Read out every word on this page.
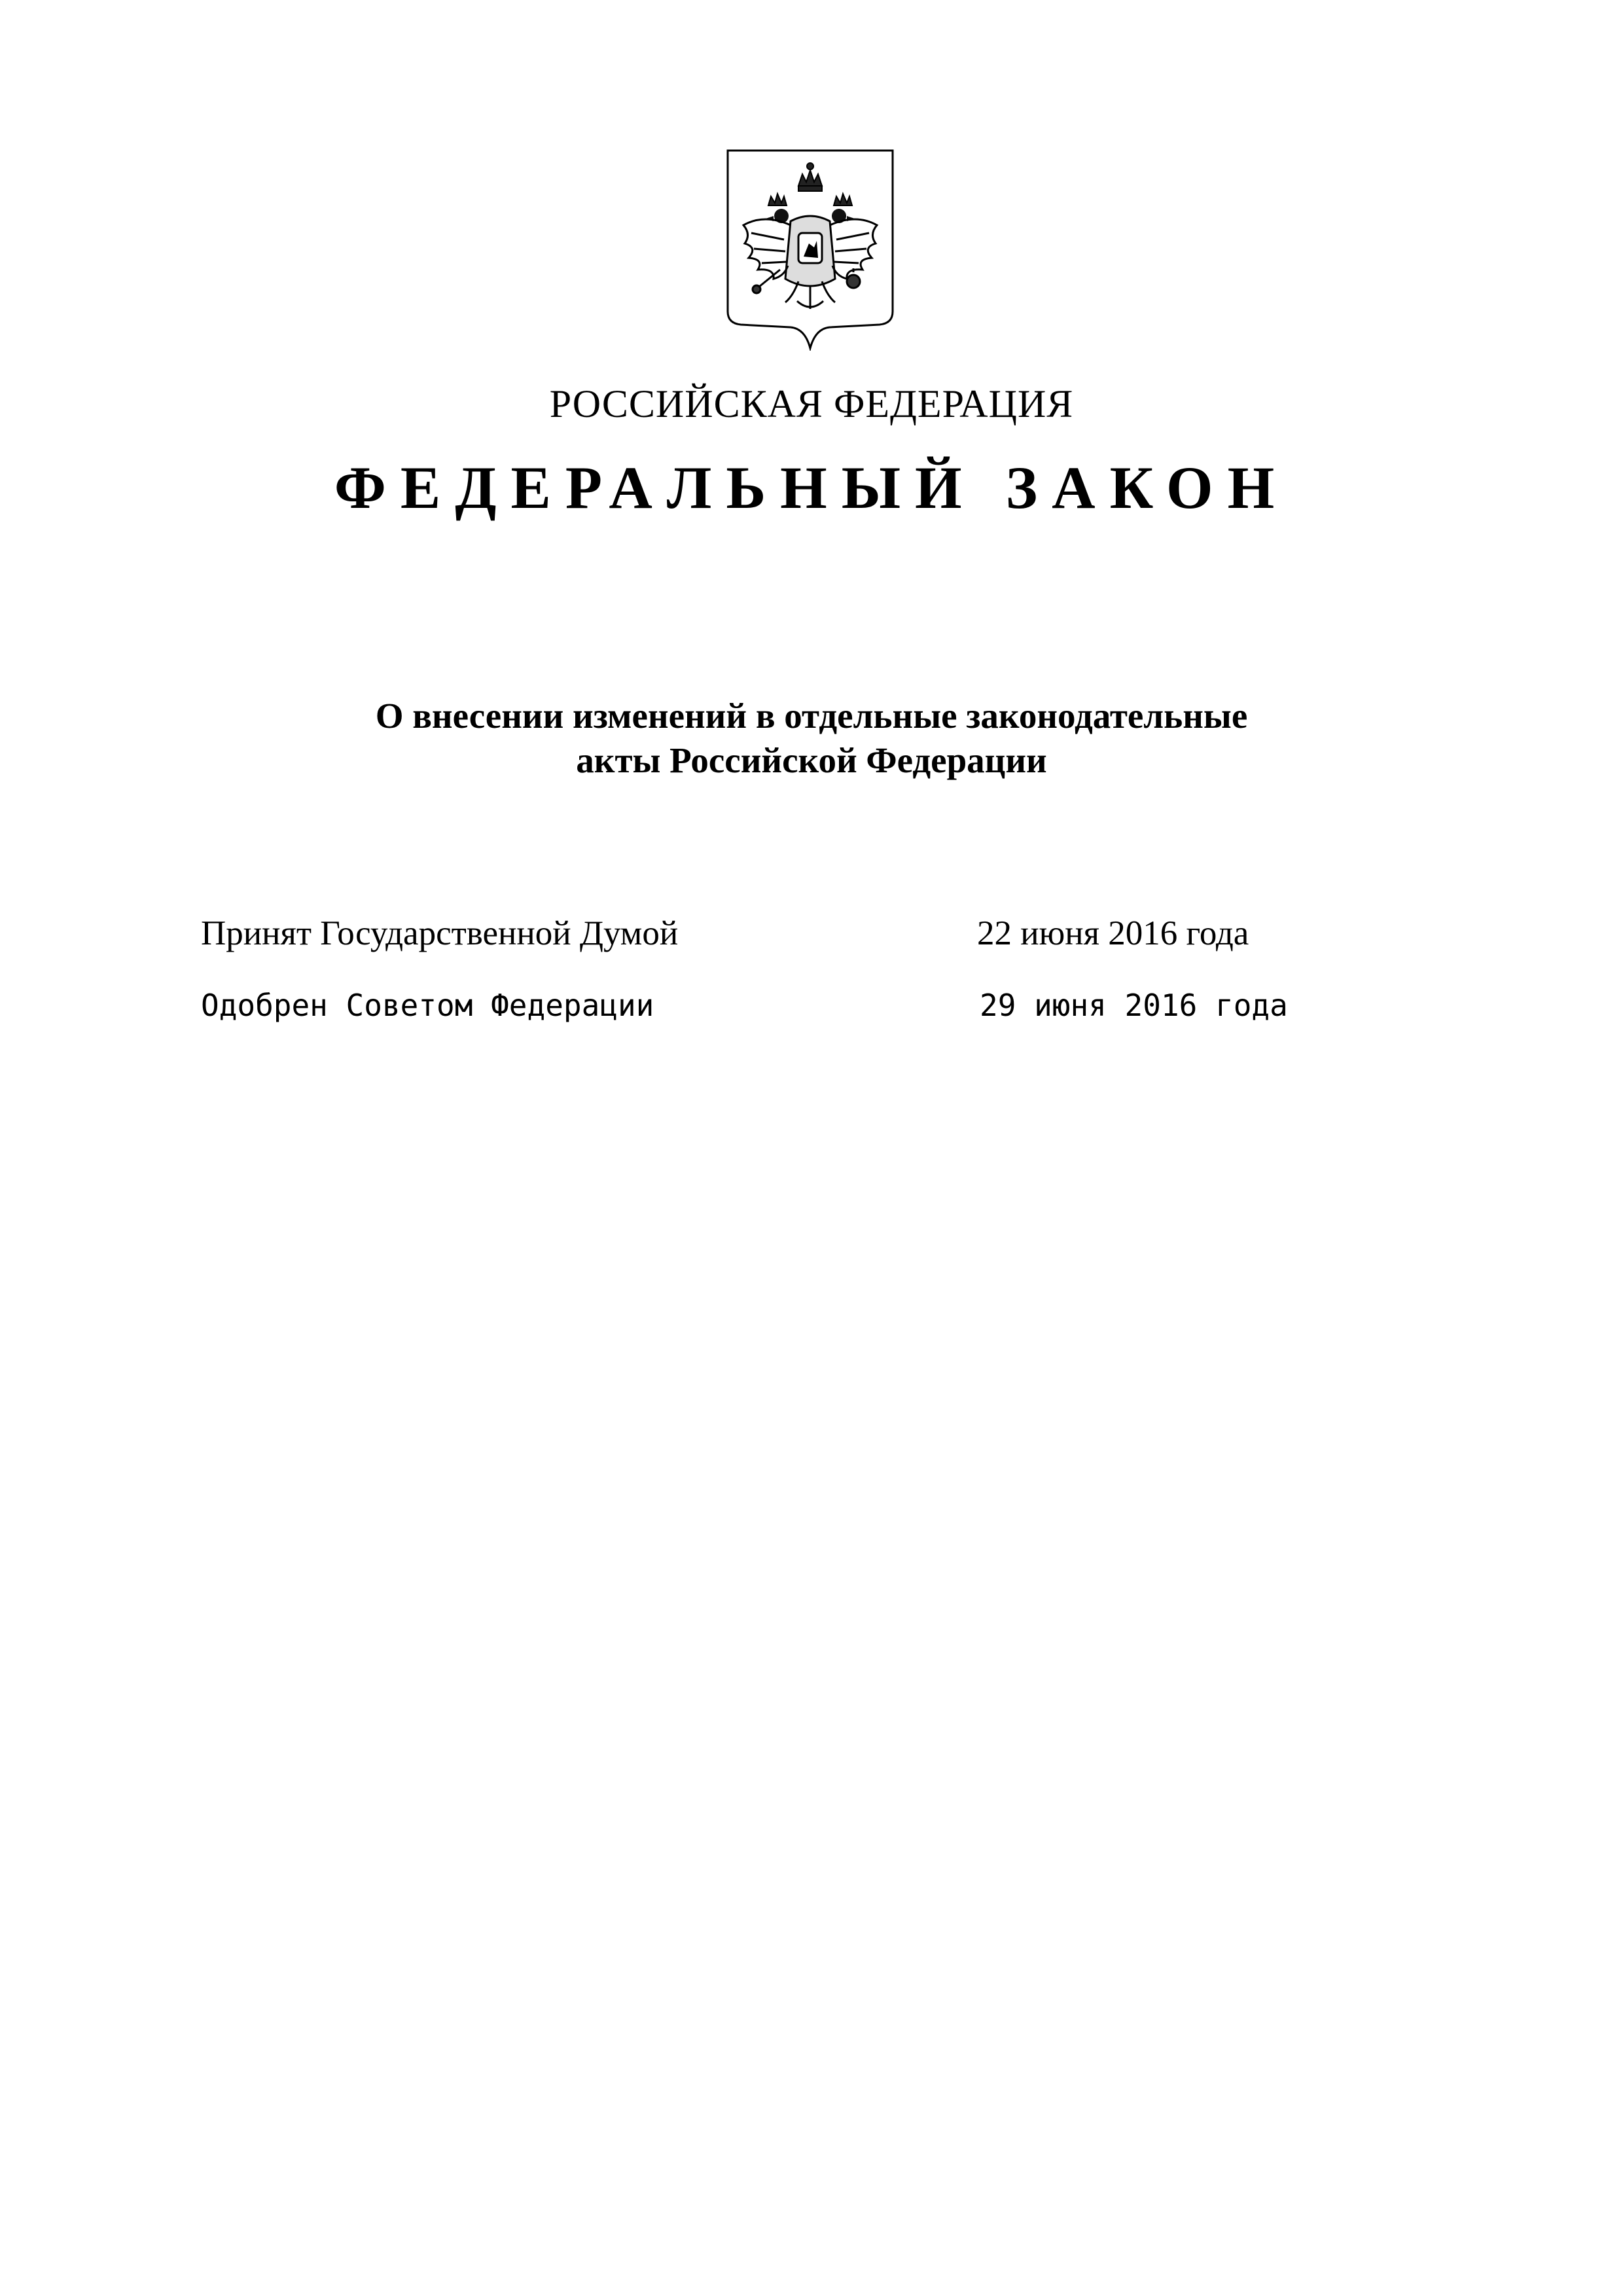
РОССИЙСКАЯ ФЕДЕРАЦИЯ
ФЕДЕРАЛЬНЫЙ ЗАКОН
О внесении изменений в отдельные законодательные
акты Российской Федерации
Принят Государственной Думой	22 июня 2016 года
Одобрен Советом Федерации	29 июня 2016 года
